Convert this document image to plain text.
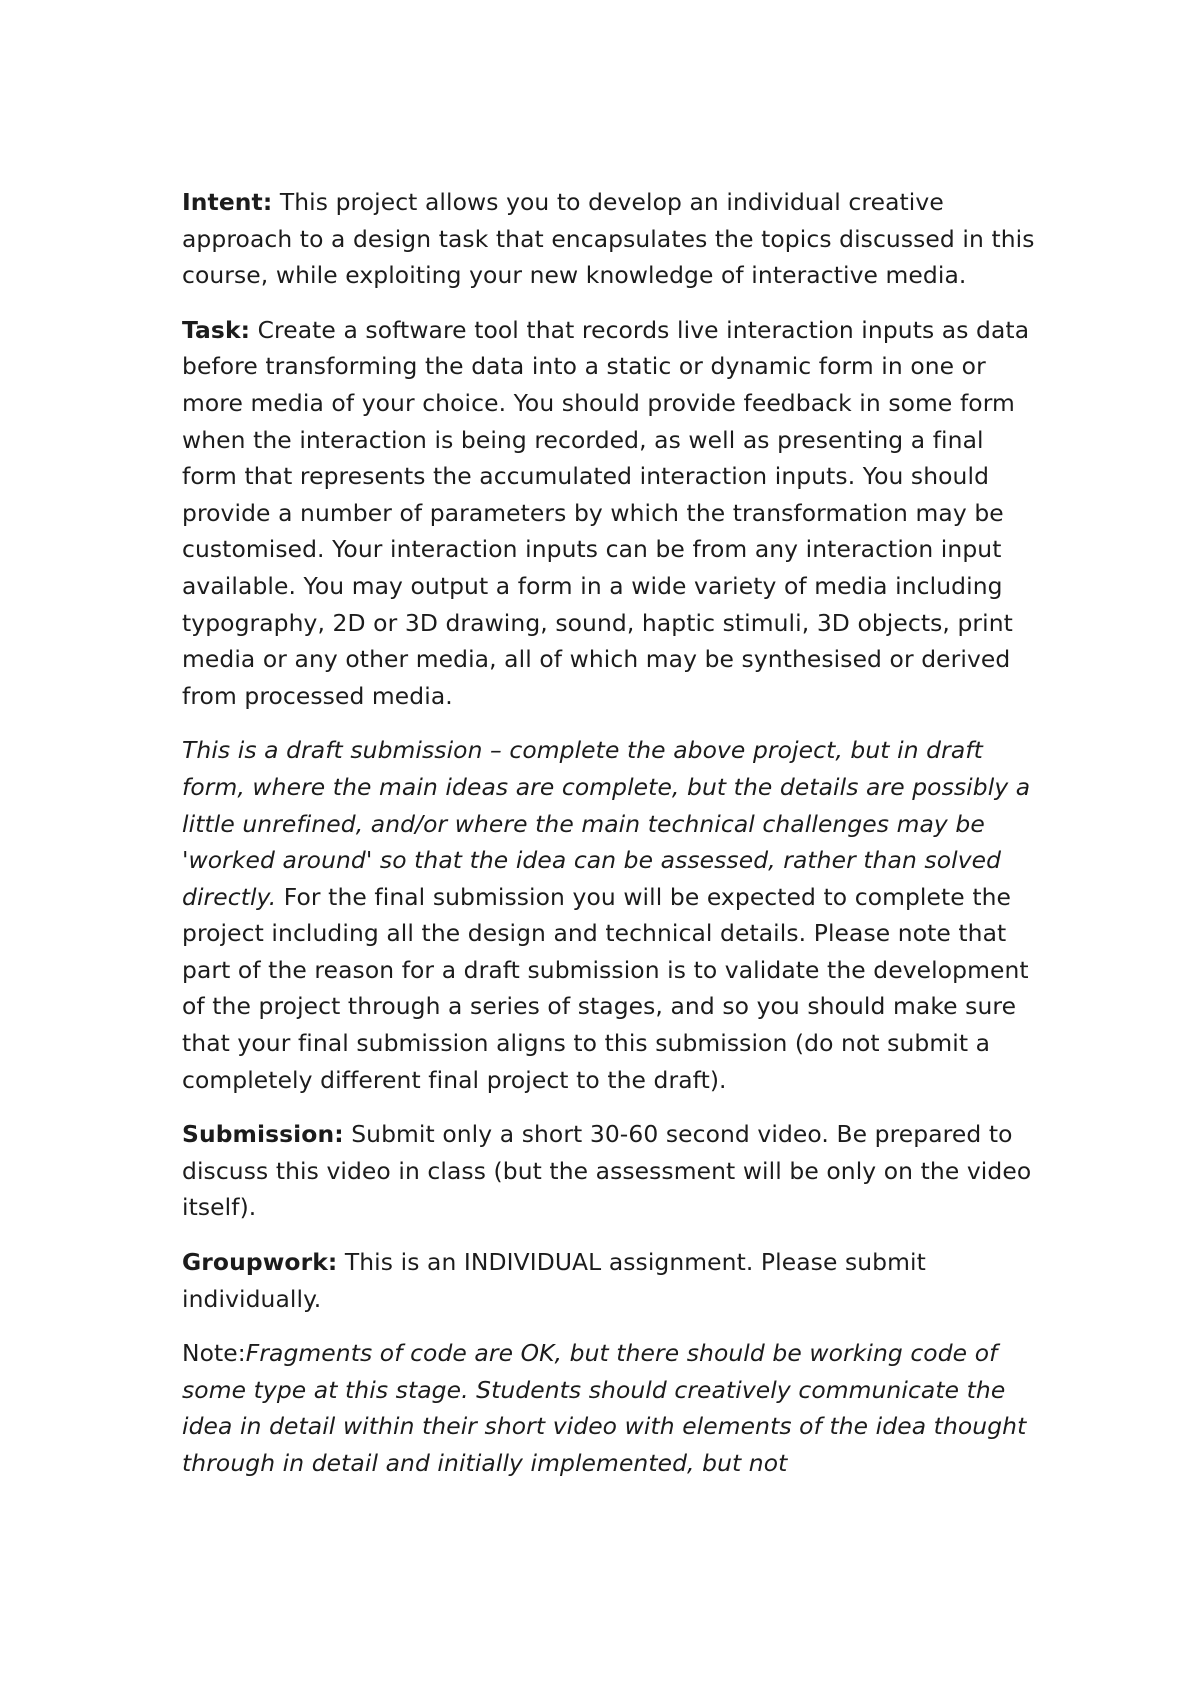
Intent: This project allows you to develop an individual creative approach to a design task that encapsulates the topics discussed in this course, while exploiting your new knowledge of interactive media.

Task: Create a software tool that records live interaction inputs as data before transforming the data into a static or dynamic form in one or more media of your choice. You should provide feedback in some form when the interaction is being recorded, as well as presenting a final form that represents the accumulated interaction inputs. You should provide a number of parameters by which the transformation may be customised. Your interaction inputs can be from any interaction input available. You may output a form in a wide variety of media including typography, 2D or 3D drawing, sound, haptic stimuli, 3D objects, print media or any other media, all of which may be synthesised or derived from processed media.

This is a draft submission – complete the above project, but in draft form, where the main ideas are complete, but the details are possibly a little unrefined, and/or where the main technical challenges may be 'worked around' so that the idea can be assessed, rather than solved directly. For the final submission you will be expected to complete the project including all the design and technical details. Please note that part of the reason for a draft submission is to validate the development of the project through a series of stages, and so you should make sure that your final submission aligns to this submission (do not submit a completely different final project to the draft).

Submission: Submit only a short 30-60 second video. Be prepared to discuss this video in class (but the assessment will be only on the video itself).

Groupwork: This is an INDIVIDUAL assignment. Please submit individually.

Note:Fragments of code are OK, but there should be working code of some type at this stage. Students should creatively communicate the idea in detail within their short video with elements of the idea thought through in detail and initially implemented, but not
